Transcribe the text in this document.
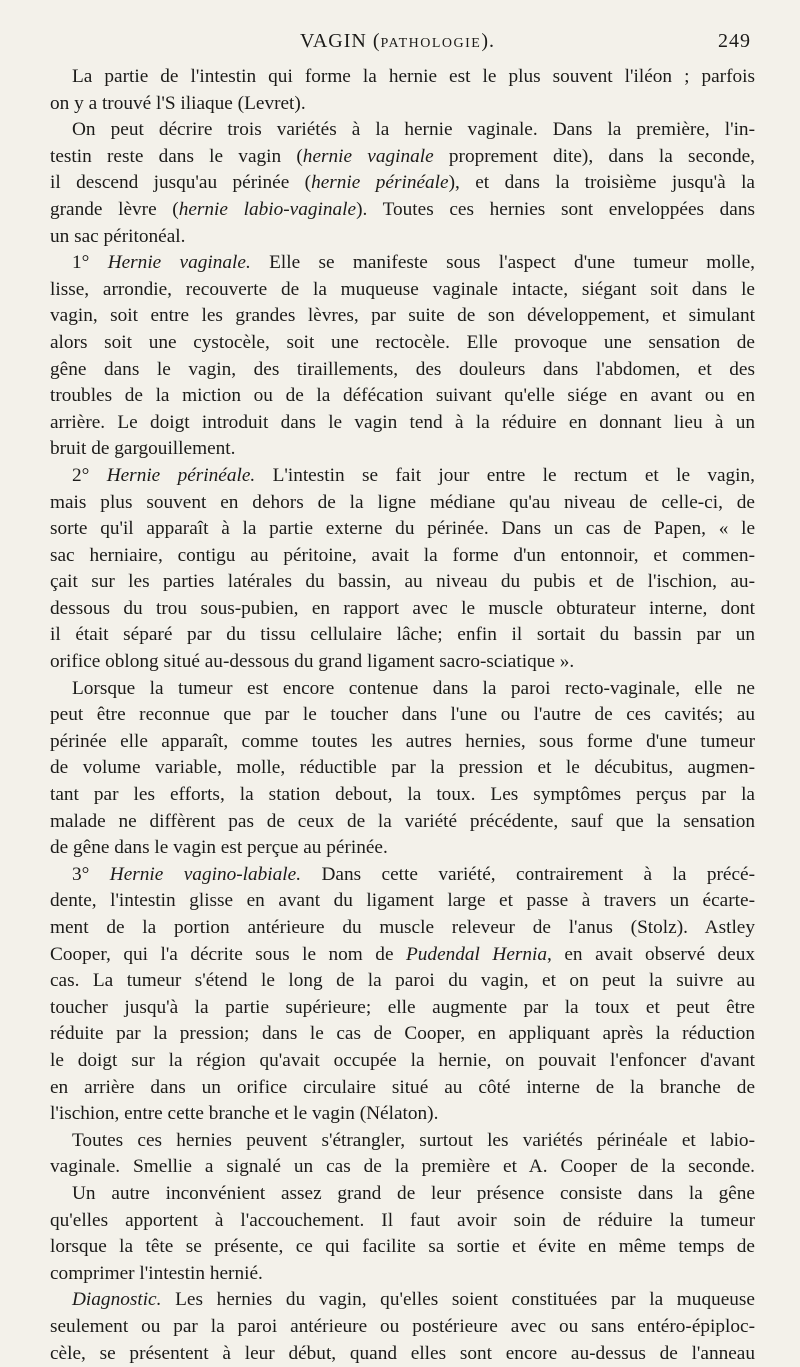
VAGIN (PATHOLOGIE).	249
La partie de l'intestin qui forme la hernie est le plus souvent l'iléon ; parfois
on y a trouvé l'S iliaque (Levret).
On peut décrire trois variétés à la hernie vaginale. Dans la première, l'in-
testin reste dans le vagin (hernie vaginale proprement dite), dans la seconde,
il descend jusqu'au périnée (hernie périnéale), et dans la troisième jusqu'à la
grande lèvre (hernie labio-vaginale). Toutes ces hernies sont enveloppées dans
un sac péritonéal.
1° Hernie vaginale. Elle se manifeste sous l'aspect d'une tumeur molle,
lisse, arrondie, recouverte de la muqueuse vaginale intacte, siégant soit dans le
vagin, soit entre les grandes lèvres, par suite de son développement, et simulant
alors soit une cystocèle, soit une rectocèle. Elle provoque une sensation de
gêne dans le vagin, des tiraillements, des douleurs dans l'abdomen, et des
troubles de la miction ou de la défécation suivant qu'elle siége en avant ou en
arrière. Le doigt introduit dans le vagin tend à la réduire en donnant lieu à un
bruit de gargouillement.
2° Hernie périnéale. L'intestin se fait jour entre le rectum et le vagin,
mais plus souvent en dehors de la ligne médiane qu'au niveau de celle-ci, de
sorte qu'il apparaît à la partie externe du périnée. Dans un cas de Papen, « le
sac herniaire, contigu au péritoine, avait la forme d'un entonnoir, et commen-
çait sur les parties latérales du bassin, au niveau du pubis et de l'ischion, au-
dessous du trou sous-pubien, en rapport avec le muscle obturateur interne, dont
il était séparé par du tissu cellulaire lâche; enfin il sortait du bassin par un
orifice oblong situé au-dessous du grand ligament sacro-sciatique ».
Lorsque la tumeur est encore contenue dans la paroi recto-vaginale, elle ne
peut être reconnue que par le toucher dans l'une ou l'autre de ces cavités; au
périnée elle apparaît, comme toutes les autres hernies, sous forme d'une tumeur
de volume variable, molle, réductible par la pression et le décubitus, augmen-
tant par les efforts, la station debout, la toux. Les symptômes perçus par la
malade ne diffèrent pas de ceux de la variété précédente, sauf que la sensation
de gêne dans le vagin est perçue au périnée.
3° Hernie vagino-labiale. Dans cette variété, contrairement à la précé-
dente, l'intestin glisse en avant du ligament large et passe à travers un écarte-
ment de la portion antérieure du muscle releveur de l'anus (Stolz). Astley
Cooper, qui l'a décrite sous le nom de Pudendal Hernia, en avait observé deux
cas. La tumeur s'étend le long de la paroi du vagin, et on peut la suivre au
toucher jusqu'à la partie supérieure; elle augmente par la toux et peut être
réduite par la pression; dans le cas de Cooper, en appliquant après la réduction
le doigt sur la région qu'avait occupée la hernie, on pouvait l'enfoncer d'avant
en arrière dans un orifice circulaire situé au côté interne de la branche de
l'ischion, entre cette branche et le vagin (Nélaton).
Toutes ces hernies peuvent s'étrangler, surtout les variétés périnéale et labio-
vaginale. Smellie a signalé un cas de la première et A. Cooper de la seconde.
Un autre inconvénient assez grand de leur présence consiste dans la gêne
qu'elles apportent à l'accouchement. Il faut avoir soin de réduire la tumeur
lorsque la tête se présente, ce qui facilite sa sortie et évite en même temps de
comprimer l'intestin hernié.
Diagnostic. Les hernies du vagin, qu'elles soient constituées par la muqueuse
seulement ou par la paroi antérieure ou postérieure avec ou sans entéro-épiploc-
cèle, se présentent à leur début, quand elles sont encore au-dessus de l'anneau
